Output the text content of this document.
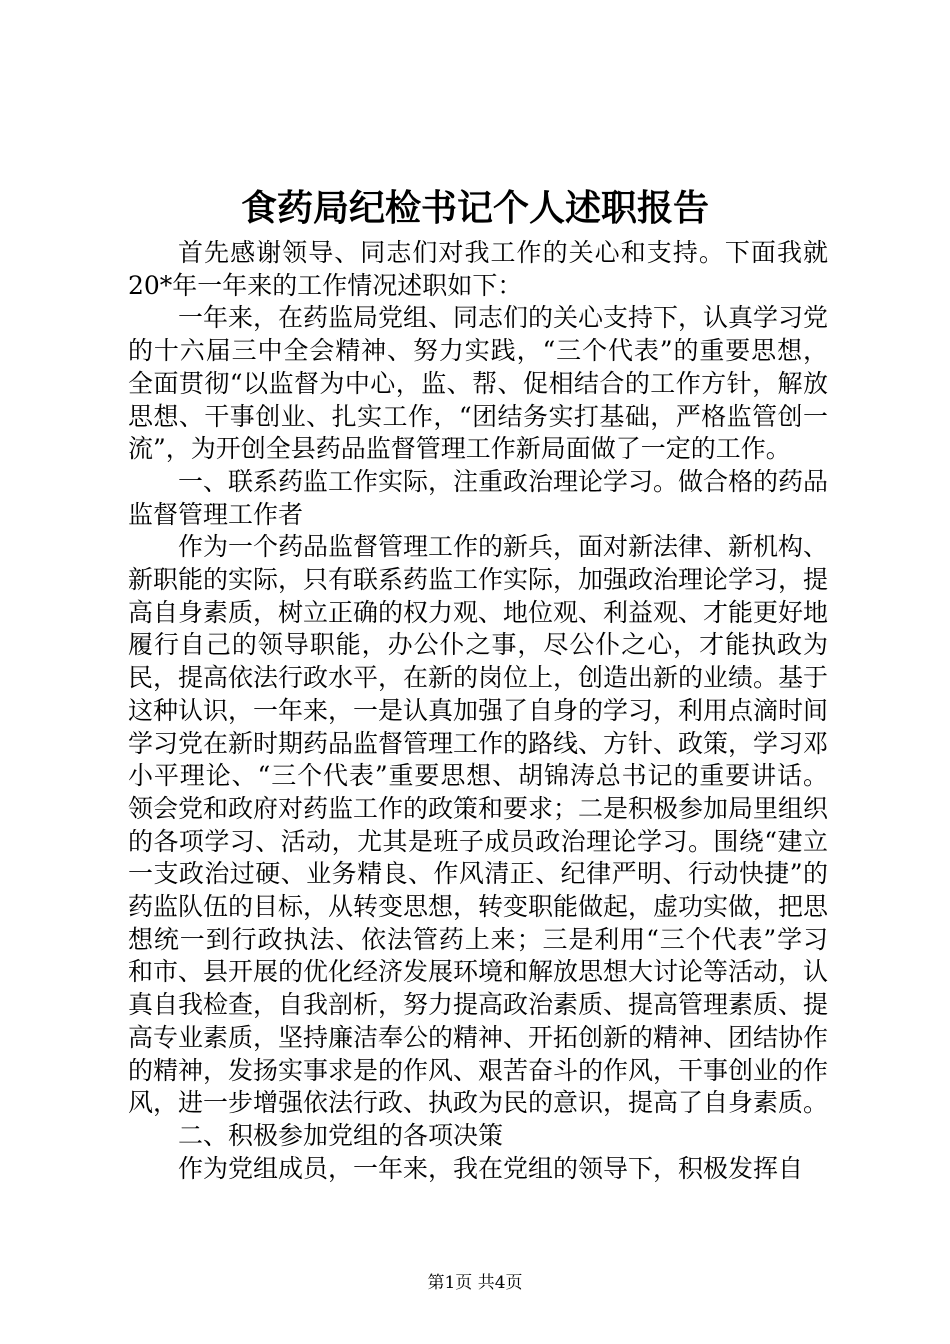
食药局纪检书记个人述职报告

首先感谢领导、同志们对我工作的关心和支持。下面我就20*年一年来的工作情况述职如下：

一年来，在药监局党组、同志们的关心支持下，认真学习党的十六届三中全会精神、努力实践，“三个代表”的重要思想，全面贯彻“以监督为中心，监、帮、促相结合的工作方针，解放思想、干事创业、扎实工作，“团结务实打基础，严格监管创一流”，为开创全县药品监督管理工作新局面做了一定的工作。

一、联系药监工作实际，注重政治理论学习。做合格的药品监督管理工作者

作为一个药品监督管理工作的新兵，面对新法律、新机构、新职能的实际，只有联系药监工作实际，加强政治理论学习，提高自身素质，树立正确的权力观、地位观、利益观、才能更好地履行自己的领导职能，办公仆之事，尽公仆之心，才能执政为民，提高依法行政水平，在新的岗位上，创造出新的业绩。基于这种认识，一年来，一是认真加强了自身的学习，利用点滴时间学习党在新时期药品监督管理工作的路线、方针、政策，学习邓小平理论、“三个代表”重要思想、胡锦涛总书记的重要讲话。领会党和政府对药监工作的政策和要求；二是积极参加局里组织的各项学习、活动，尤其是班子成员政治理论学习。围绕“建立一支政治过硬、业务精良、作风清正、纪律严明、行动快捷”的药监队伍的目标，从转变思想，转变职能做起，虚功实做，把思想统一到行政执法、依法管药上来；三是利用“三个代表”学习和市、县开展的优化经济发展环境和解放思想大讨论等活动，认真自我检查，自我剖析，努力提高政治素质、提高管理素质、提高专业素质，坚持廉洁奉公的精神、开拓创新的精神、团结协作的精神，发扬实事求是的作风、艰苦奋斗的作风，干事创业的作风，进一步增强依法行政、执政为民的意识，提高了自身素质。

二、积极参加党组的各项决策

作为党组成员，一年来，我在党组的领导下，积极发挥自

第1页 共4页
